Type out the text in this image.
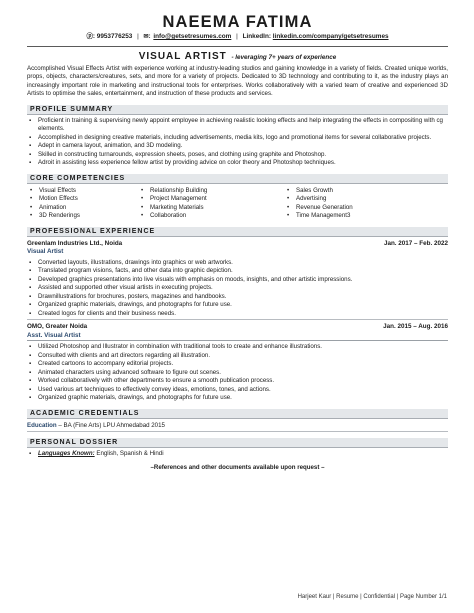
NAEEMA FATIMA
ⓟ: 9953776253 | ✉: info@getsetresumes.com | LinkedIn: linkedin.com/company/getsetresumes
VISUAL ARTIST - leveraging 7+ years of experience

Accomplished Visual Effects Artist with experience working at industry-leading studios and gaining knowledge in a variety of fields. Created unique worlds, props, objects, characters/creatures, sets, and more for a variety of projects. Dedicated to 3D technology and contributing to it, as the industry plays an increasingly important role in marketing and instructional tools for enterprises. Works collaboratively with a varied team of creative and experienced 3D Artists to optimise the sales, entertainment, and instruction of these products and services.

PROFILE SUMMARY
▪ Proficient in training & supervising newly appoint employee in achieving realistic looking effects and help integrating the effects in compositing with cg elements.
▪ Accomplished in designing creative materials, including advertisements, media kits, logo and promotional items for several collaborative projects.
▪ Adept in camera layout, animation, and 3D modeling.
▪ Skilled in constructing turnarounds, expression sheets, poses, and clothing using graphite and Photoshop.
▪ Adroit in assisting less experience fellow artist by providing advice on color theory and Photoshop techniques.
CORE COMPETENCIES
• Visual Effects
• Motion Effects
• Animation
• 3D Renderings
• Relationship Building
• Project Management
• Marketing Materials
• Collaboration
• Sales Growth
• Advertising
• Revenue Generation
• Time Management3
PROFESSIONAL EXPERIENCE
Greenlam Industries Ltd., Noida	Jan. 2017 – Feb. 2022
Visual Artist
▪ Converted layouts, illustrations, drawings into graphics or web artworks.
▪ Translated program visions, facts, and other data into graphic depiction.
▪ Developed graphics presentations into live visuals with emphasis on moods, insights, and other artistic impressions.
▪ Assisted and supported other visual artists in executing projects.
▪ Drawnillustrations for brochures, posters, magazines and handbooks.
▪ Organized graphic materials, drawings, and photographs for future use.
▪ Created logos for clients and their business needs.
OMO, Greater Noida	Jan. 2015 – Aug. 2016
Asst. Visual Artist
▪ Utilized Photoshop and Illustrator in combination with traditional tools to create and enhance illustrations.
▪ Consulted with clients and art directors regarding all illustration.
▪ Created cartoons to accompany editorial projects.
▪ Animated characters using advanced software to figure out scenes.
▪ Worked collaboratively with other departments to ensure a smooth publication process.
▪ Used various art techniques to effectively convey ideas, emotions, tones, and actions.
▪ Organized graphic materials, drawings, and photographs for future use.
ACADEMIC CREDENTIALS
Education – BA (Fine Arts) LPU Ahmedabad 2015
PERSONAL DOSSIER
▪ Languages Known: English, Spanish & Hindi
–References and other documents available upon request –
Harjeet Kaur | Resume | Confidential | Page Number 1/1
